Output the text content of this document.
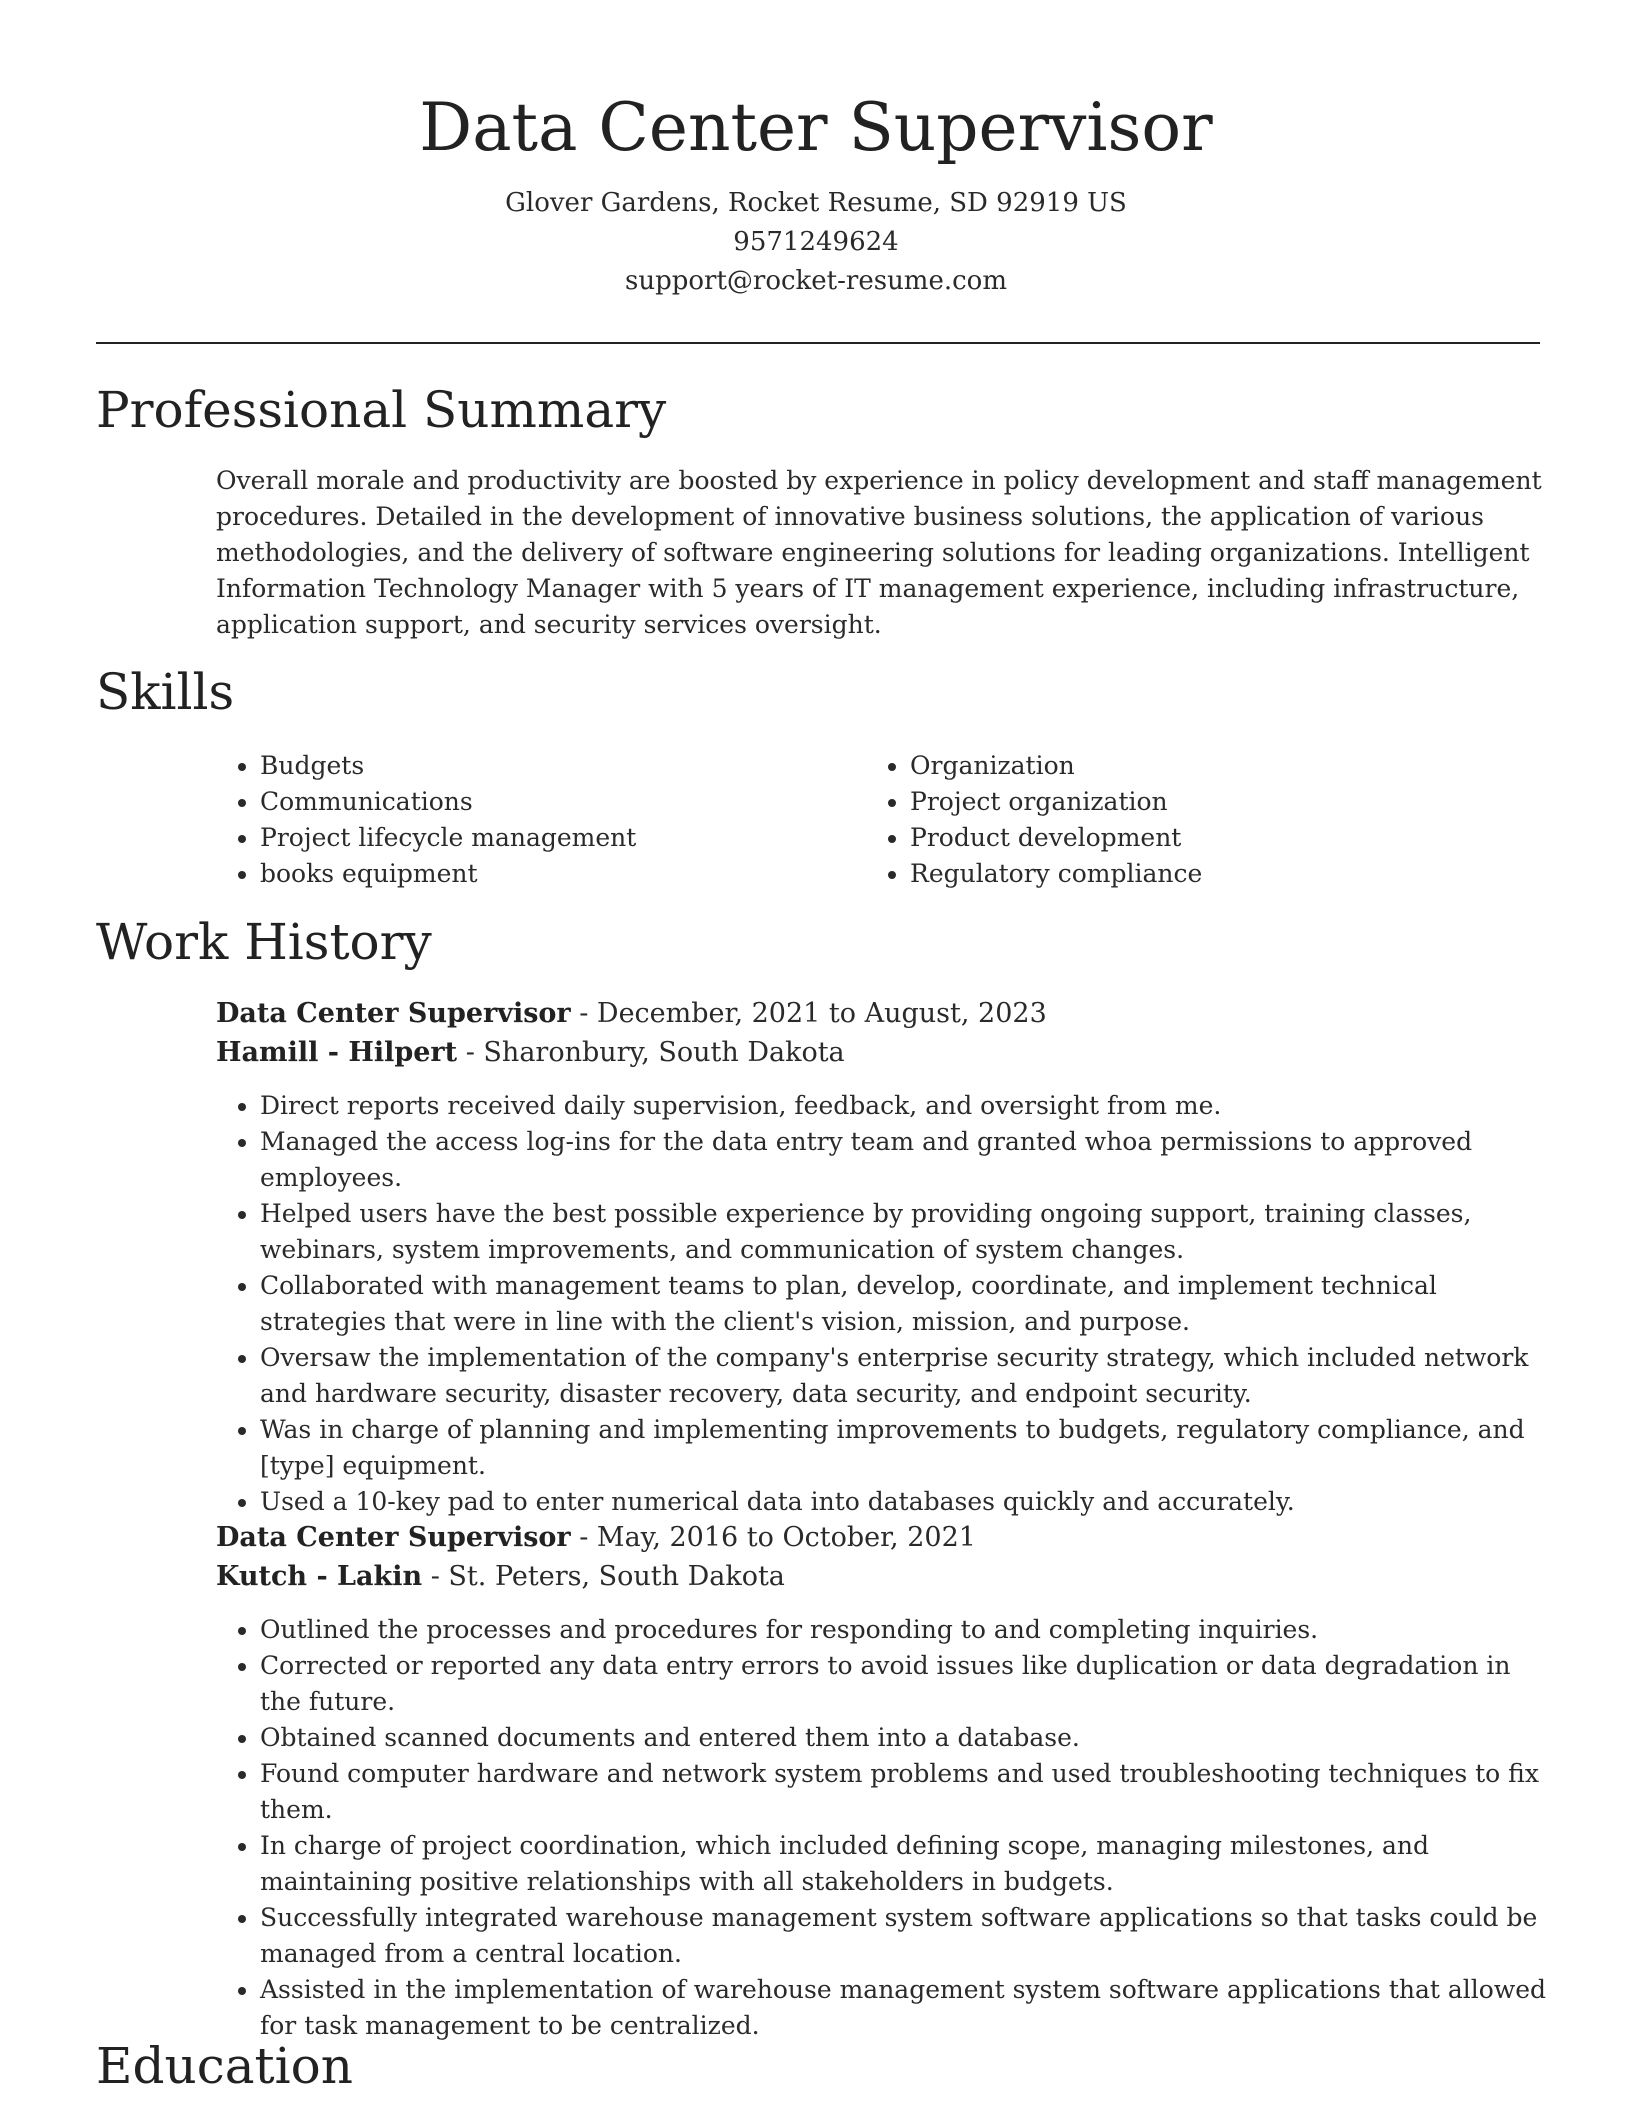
Data Center Supervisor
Glover Gardens, Rocket Resume, SD 92919 US
9571249624
support@rocket-resume.com
Professional Summary

Overall morale and productivity are boosted by experience in policy development and staff management procedures. Detailed in the development of innovative business solutions, the application of various methodologies, and the delivery of software engineering solutions for leading organizations. Intelligent Information Technology Manager with 5 years of IT management experience, including infrastructure, application support, and security services oversight.

Skills
• Budgets
• Communications
• Project lifecycle management
• books equipment
• Organization
• Project organization
• Product development
• Regulatory compliance
Work History
Data Center Supervisor - December, 2021 to August, 2023
Hamill - Hilpert - Sharonbury, South Dakota
• Direct reports received daily supervision, feedback, and oversight from me.
• Managed the access log-ins for the data entry team and granted whoa permissions to approved employees.
• Helped users have the best possible experience by providing ongoing support, training classes, webinars, system improvements, and communication of system changes.
• Collaborated with management teams to plan, develop, coordinate, and implement technical strategies that were in line with the client's vision, mission, and purpose.
• Oversaw the implementation of the company's enterprise security strategy, which included network and hardware security, disaster recovery, data security, and endpoint security.
• Was in charge of planning and implementing improvements to budgets, regulatory compliance, and [type] equipment.
• Used a 10-key pad to enter numerical data into databases quickly and accurately.
Data Center Supervisor - May, 2016 to October, 2021
Kutch - Lakin - St. Peters, South Dakota
• Outlined the processes and procedures for responding to and completing inquiries.
• Corrected or reported any data entry errors to avoid issues like duplication or data degradation in the future.
• Obtained scanned documents and entered them into a database.
• Found computer hardware and network system problems and used troubleshooting techniques to fix them.
• In charge of project coordination, which included defining scope, managing milestones, and maintaining positive relationships with all stakeholders in budgets.
• Successfully integrated warehouse management system software applications so that tasks could be managed from a central location.
• Assisted in the implementation of warehouse management system software applications that allowed for task management to be centralized.
Education
